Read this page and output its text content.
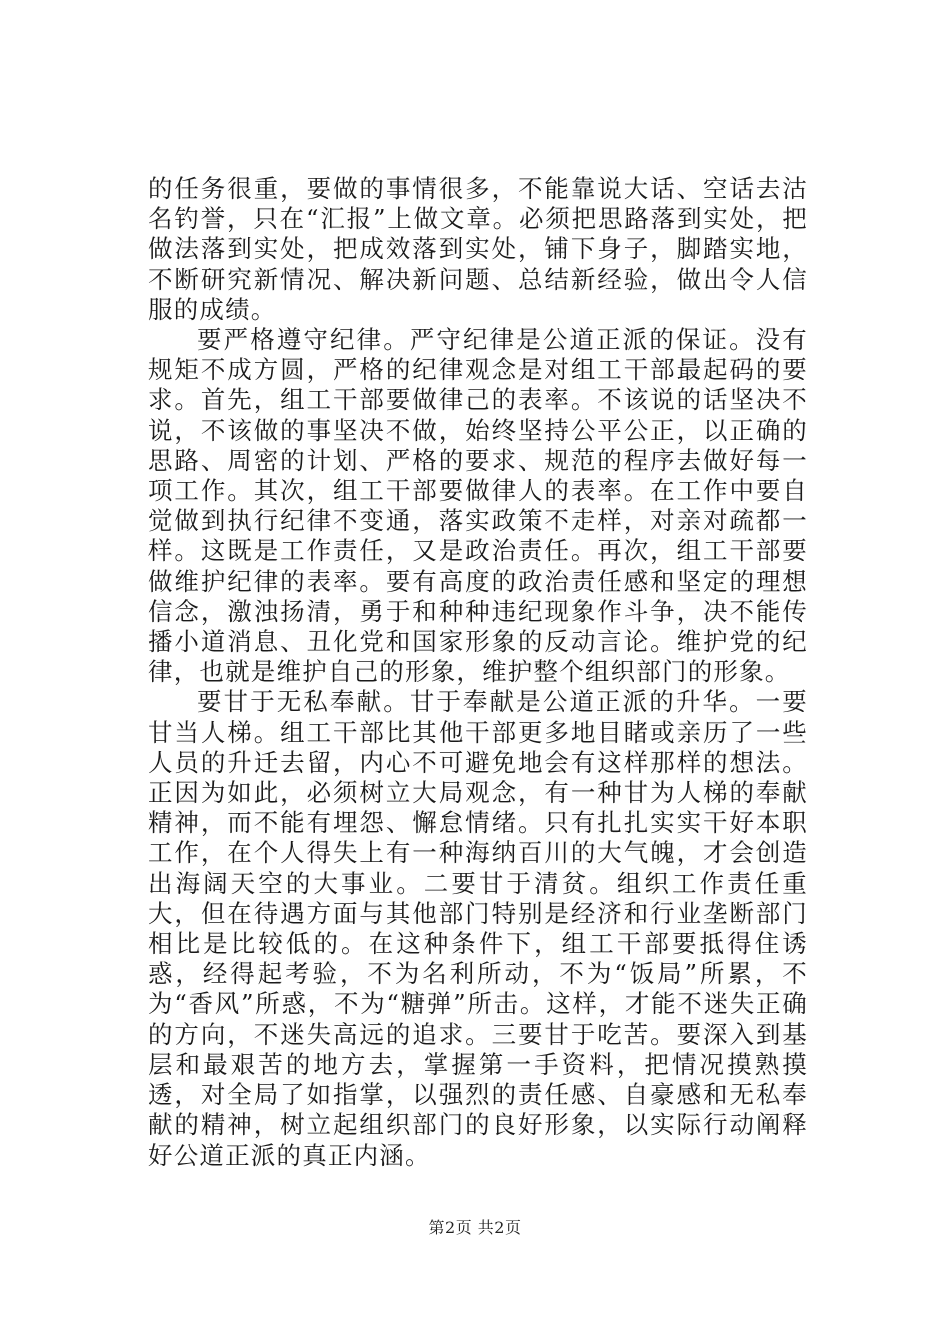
的任务很重，要做的事情很多，不能靠说大话、空话去沽名钓誉，只在“汇报”上做文章。必须把思路落到实处，把做法落到实处，把成效落到实处，铺下身子，脚踏实地，不断研究新情况、解决新问题、总结新经验，做出令人信服的成绩。

要严格遵守纪律。严守纪律是公道正派的保证。没有规矩不成方圆，严格的纪律观念是对组工干部最起码的要求。首先，组工干部要做律己的表率。不该说的话坚决不说，不该做的事坚决不做，始终坚持公平公正，以正确的思路、周密的计划、严格的要求、规范的程序去做好每一项工作。其次，组工干部要做律人的表率。在工作中要自觉做到执行纪律不变通，落实政策不走样，对亲对疏都一样。这既是工作责任，又是政治责任。再次，组工干部要做维护纪律的表率。要有高度的政治责任感和坚定的理想信念，激浊扬清，勇于和种种违纪现象作斗争，决不能传播小道消息、丑化党和国家形象的反动言论。维护党的纪律，也就是维护自己的形象，维护整个组织部门的形象。

要甘于无私奉献。甘于奉献是公道正派的升华。一要甘当人梯。组工干部比其他干部更多地目睹或亲历了一些人员的升迁去留，内心不可避免地会有这样那样的想法。正因为如此，必须树立大局观念，有一种甘为人梯的奉献精神，而不能有埋怨、懈怠情绪。只有扎扎实实干好本职工作，在个人得失上有一种海纳百川的大气魄，才会创造出海阔天空的大事业。二要甘于清贫。组织工作责任重大，但在待遇方面与其他部门特别是经济和行业垄断部门相比是比较低的。在这种条件下，组工干部要抵得住诱惑，经得起考验，不为名利所动，不为“饭局”所累，不为“香风”所惑，不为“糖弹”所击。这样，才能不迷失正确的方向，不迷失高远的追求。三要甘于吃苦。要深入到基层和最艰苦的地方去，掌握第一手资料，把情况摸熟摸透，对全局了如指掌，以强烈的责任感、自豪感和无私奉献的精神，树立起组织部门的良好形象，以实际行动阐释好公道正派的真正内涵。

第2页 共2页
